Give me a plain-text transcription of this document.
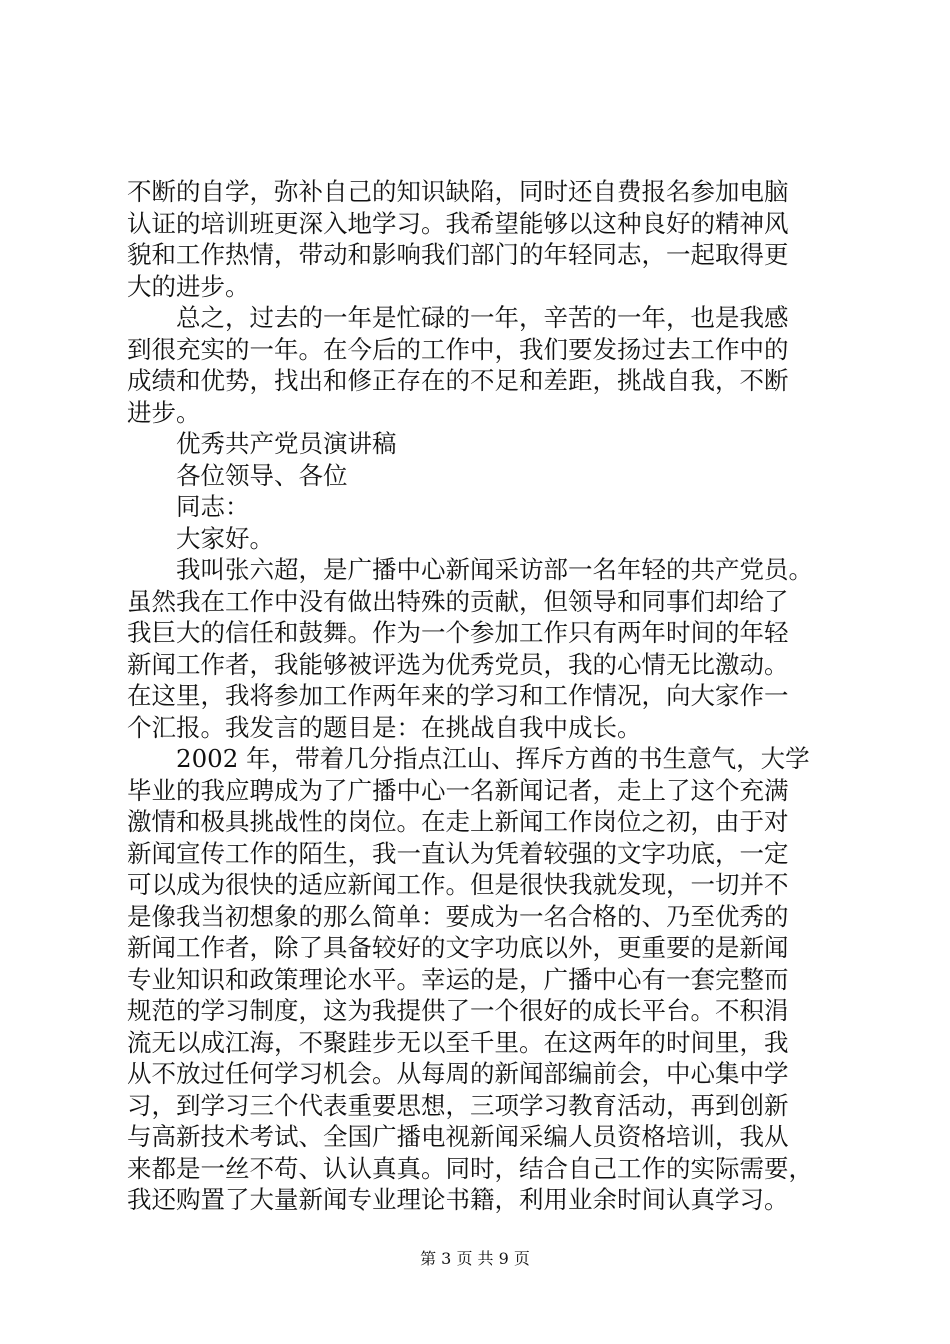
不断的自学，弥补自己的知识缺陷，同时还自费报名参加电脑

认证的培训班更深入地学习。我希望能够以这种良好的精神风

貌和工作热情，带动和影响我们部门的年轻同志，一起取得更

大的进步。

总之，过去的一年是忙碌的一年，辛苦的一年，也是我感

到很充实的一年。在今后的工作中，我们要发扬过去工作中的

成绩和优势，找出和修正存在的不足和差距，挑战自我，不断

进步。

优秀共产党员演讲稿

各位领导、各位

同志：

大家好。

我叫张六超，是广播中心新闻采访部一名年轻的共产党员。

虽然我在工作中没有做出特殊的贡献，但领导和同事们却给了

我巨大的信任和鼓舞。作为一个参加工作只有两年时间的年轻

新闻工作者，我能够被评选为优秀党员，我的心情无比激动。

在这里，我将参加工作两年来的学习和工作情况，向大家作一

个汇报。我发言的题目是：在挑战自我中成长。

2002 年，带着几分指点江山、挥斥方酋的书生意气，大学

毕业的我应聘成为了广播中心一名新闻记者，走上了这个充满

激情和极具挑战性的岗位。在走上新闻工作岗位之初，由于对

新闻宣传工作的陌生，我一直认为凭着较强的文字功底，一定

可以成为很快的适应新闻工作。但是很快我就发现，一切并不

是像我当初想象的那么简单：要成为一名合格的、乃至优秀的

新闻工作者，除了具备较好的文字功底以外，更重要的是新闻

专业知识和政策理论水平。幸运的是，广播中心有一套完整而

规范的学习制度，这为我提供了一个很好的成长平台。不积涓

流无以成江海，不聚跬步无以至千里。在这两年的时间里，我

从不放过任何学习机会。从每周的新闻部编前会，中心集中学

习，到学习三个代表重要思想，三项学习教育活动，再到创新

与高新技术考试、全国广播电视新闻采编人员资格培训，我从

来都是一丝不苟、认认真真。同时，结合自己工作的实际需要，

我还购置了大量新闻专业理论书籍，利用业余时间认真学习。

第 3 页 共 9 页
